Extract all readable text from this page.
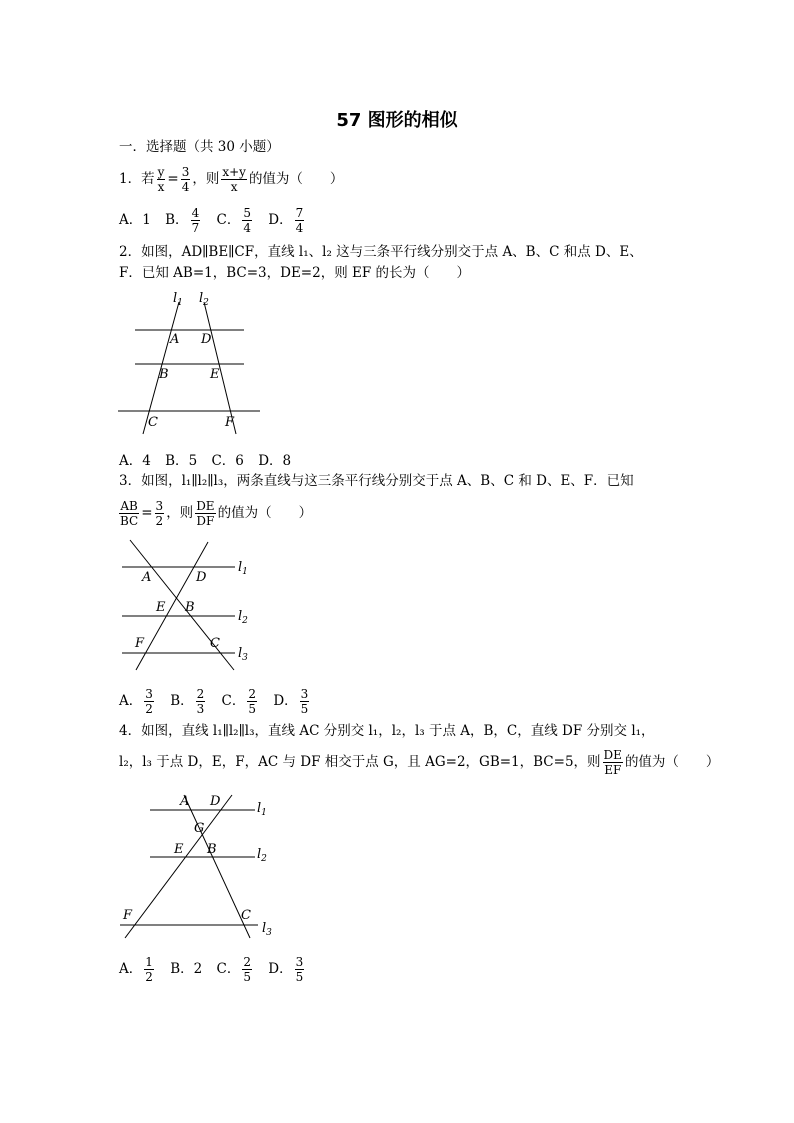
57 图形的相似
一．选择题（共 30 小题）
1．若 $\frac{y}{x} = \frac{3}{4}$ ，则 $\frac{x+y}{x}$ 的值为（　　）
A．1 B． $\frac{4}{7}$ C． $\frac{5}{4}$ D． $\frac{7}{4}$
2．如图，AD∥BE∥CF，直线 l₁、l₂ 这与三条平行线分别交于点 A、B、C 和点 D、E、
F．已知 AB=1，BC=3，DE=2，则 EF 的长为（　　）
$l_1$ $l_2$
A D
B	E
C	F
A．4 B．5 C．6 D．8
3．如图，l₁∥l₂∥l₃，两条直线与这三条平行线分别交于点 A、B、C 和 D、E、F．已知
$\frac{AB}{BC} = \frac{3}{2}$ ，则 $\frac{DE}{DF}$ 的值为（　　）
A	D
E B
F	C
$l_1$
$l_2$
$l_3$
A． $\frac{3}{2}$ B． $\frac{2}{3}$ C． $\frac{2}{5}$ D． $\frac{3}{5}$
4．如图，直线 l₁∥l₂∥l₃，直线 AC 分别交 l₁，l₂，l₃ 于点 A，B，C，直线 DF 分别交 l₁，
l₂，l₃ 于点 D，E，F，AC 与 DF 相交于点 G，且 AG=2，GB=1，BC=5，则 $\frac{DE}{EF}$ 的值为（　　）
A D
G
E B
F	C
$l_1$
$l_2$
$l_3$
A． $\frac{1}{2}$ B．2 C． $\frac{2}{5}$ D． $\frac{3}{5}$
